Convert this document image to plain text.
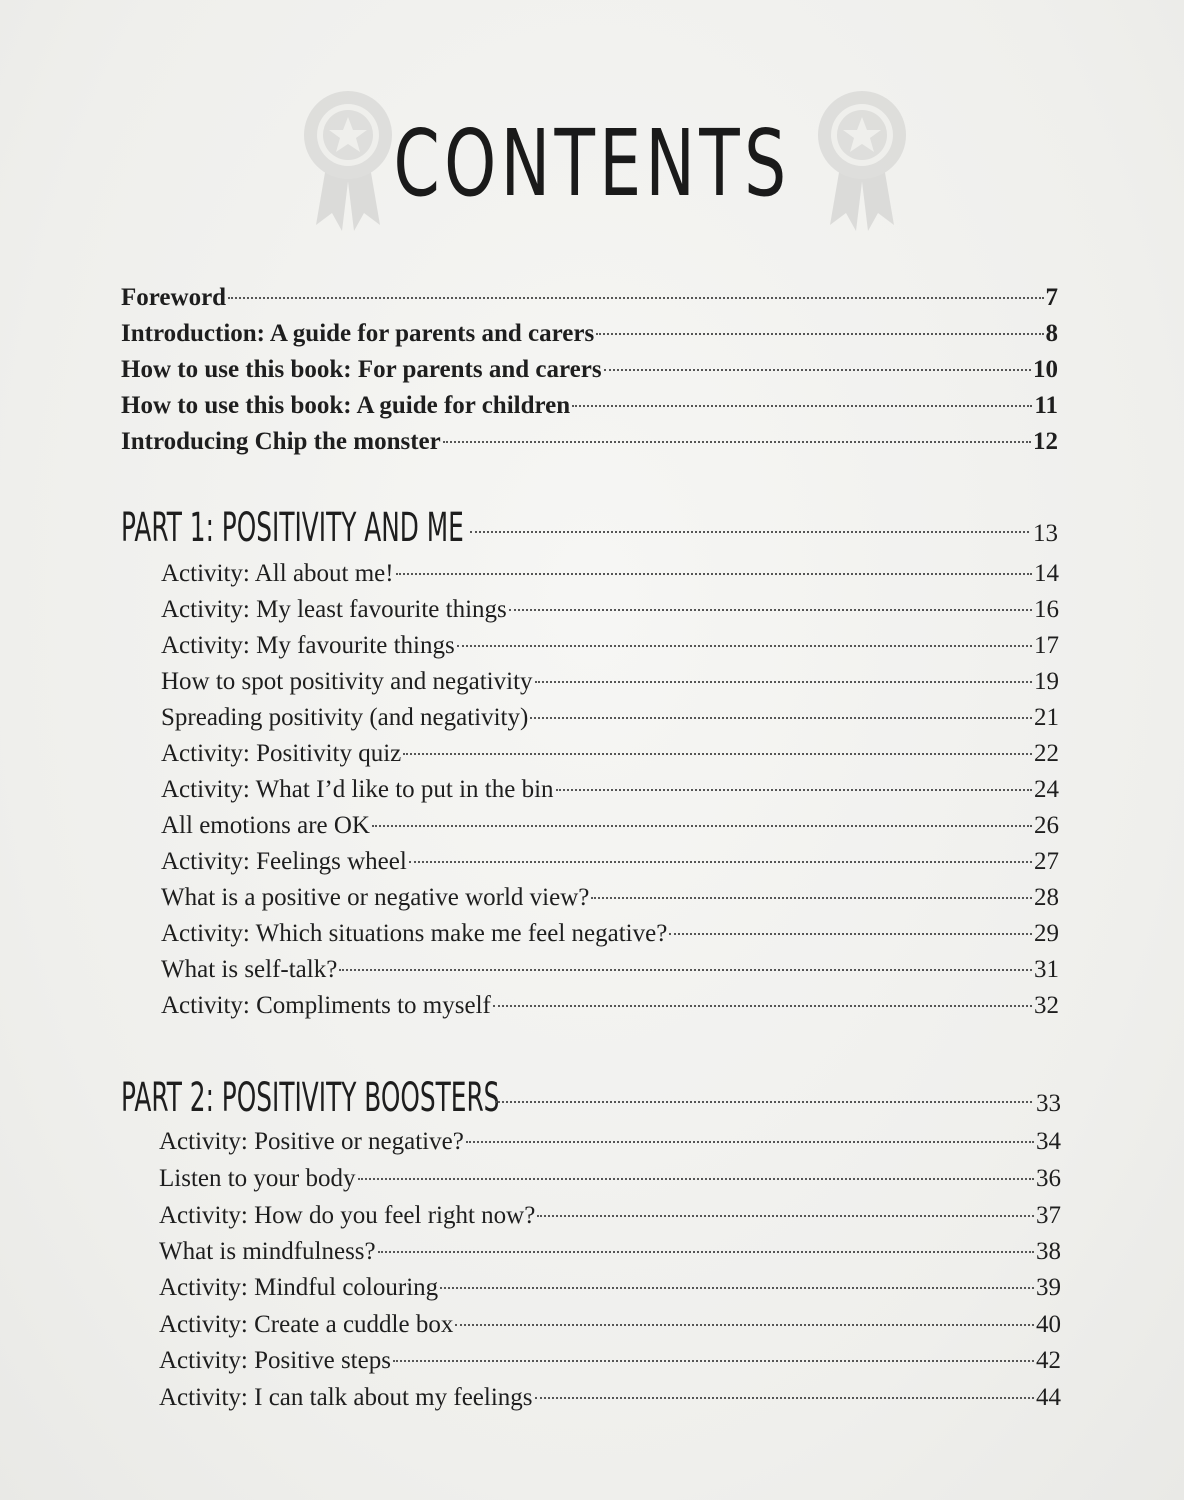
CONTENTS
Foreword	7
Introduction: A guide for parents and carers	8
How to use this book: For parents and carers	10
How to use this book: A guide for children	11
Introducing Chip the monster	12
PART 1: POSITIVITY AND ME	13
Activity: All about me!	14
Activity: My least favourite things	16
Activity: My favourite things	17
How to spot positivity and negativity	19
Spreading positivity (and negativity)	21
Activity: Positivity quiz	22
Activity: What I’d like to put in the bin	24
All emotions are OK	26
Activity: Feelings wheel	27
What is a positive or negative world view?	28
Activity: Which situations make me feel negative?	29
What is self-talk?	31
Activity: Compliments to myself	32
PART 2: POSITIVITY BOOSTERS	33
Activity: Positive or negative?	34
Listen to your body	36
Activity: How do you feel right now?	37
What is mindfulness?	38
Activity: Mindful colouring	39
Activity: Create a cuddle box	40
Activity: Positive steps	42
Activity: I can talk about my feelings	44
